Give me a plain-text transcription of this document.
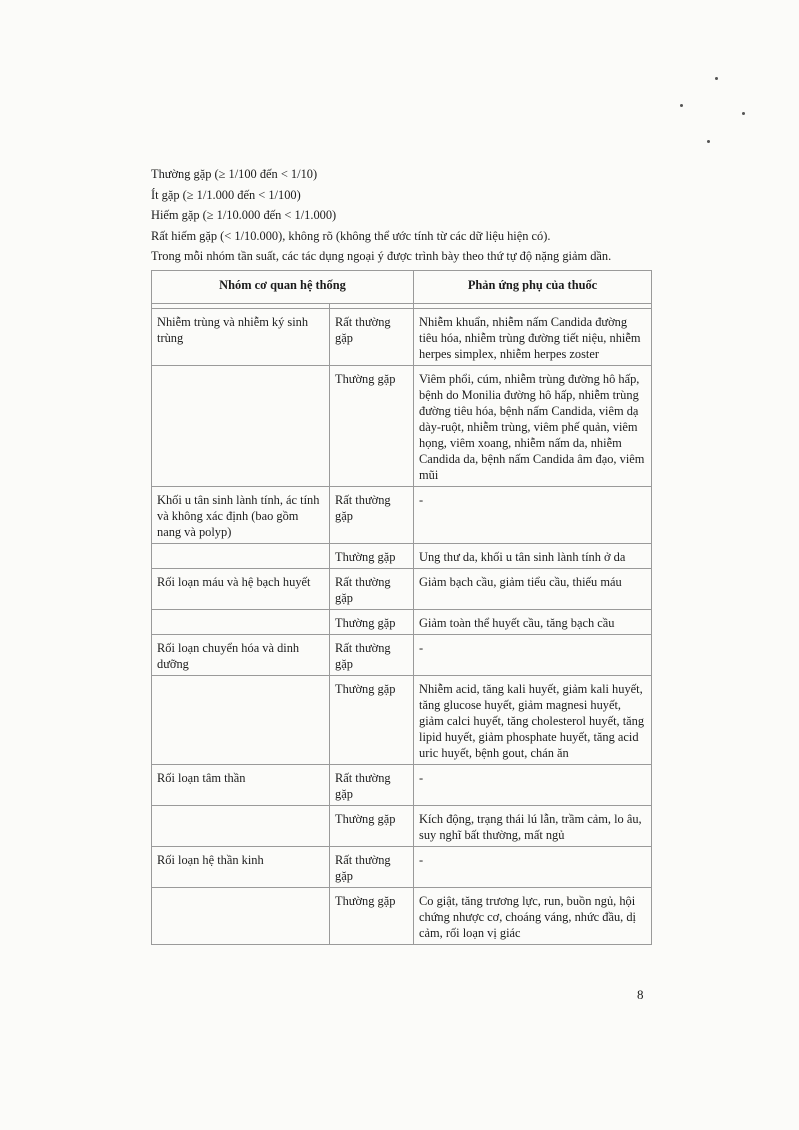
Thường gặp (≥ 1/100 đến < 1/10)
Ít gặp (≥ 1/1.000 đến < 1/100)
Hiếm gặp (≥ 1/10.000 đến < 1/1.000)
Rất hiếm gặp (< 1/10.000), không rõ (không thể ước tính từ các dữ liệu hiện có).
Trong mỗi nhóm tần suất, các tác dụng ngoại ý được trình bày theo thứ tự độ nặng giảm dần.
Nhóm cơ quan hệ thống		Phản ứng phụ của thuốc

Nhiễm trùng và nhiễm ký sinh trùng	Rất thường gặp	Nhiễm khuẩn, nhiễm nấm Candida đường tiêu hóa, nhiễm trùng đường tiết niệu, nhiễm herpes simplex, nhiễm herpes zoster
	Thường gặp	Viêm phổi, cúm, nhiễm trùng đường hô hấp, bệnh do Monilia đường hô hấp, nhiễm trùng đường tiêu hóa, bệnh nấm Candida, viêm dạ dày-ruột, nhiễm trùng, viêm phế quản, viêm họng, viêm xoang, nhiễm nấm da, nhiễm Candida da, bệnh nấm Candida âm đạo, viêm mũi
Khối u tân sinh lành tính, ác tính và không xác định (bao gồm nang và polyp)	Rất thường gặp	-
	Thường gặp	Ung thư da, khối u tân sinh lành tính ở da
Rối loạn máu và hệ bạch huyết	Rất thường gặp	Giảm bạch cầu, giảm tiểu cầu, thiếu máu
	Thường gặp	Giảm toàn thể huyết cầu, tăng bạch cầu
Rối loạn chuyển hóa và dinh dưỡng	Rất thường gặp	-
	Thường gặp	Nhiễm acid, tăng kali huyết, giảm kali huyết, tăng glucose huyết, giảm magnesi huyết, giảm calci huyết, tăng cholesterol huyết, tăng lipid huyết, giảm phosphate huyết, tăng acid uric huyết, bệnh gout, chán ăn
Rối loạn tâm thần	Rất thường gặp	-
	Thường gặp	Kích động, trạng thái lú lẫn, trầm cảm, lo âu, suy nghĩ bất thường, mất ngủ
Rối loạn hệ thần kinh	Rất thường gặp	-
	Thường gặp	Co giật, tăng trương lực, run, buồn ngủ, hội chứng nhược cơ, choáng váng, nhức đầu, dị cảm, rối loạn vị giác
8
